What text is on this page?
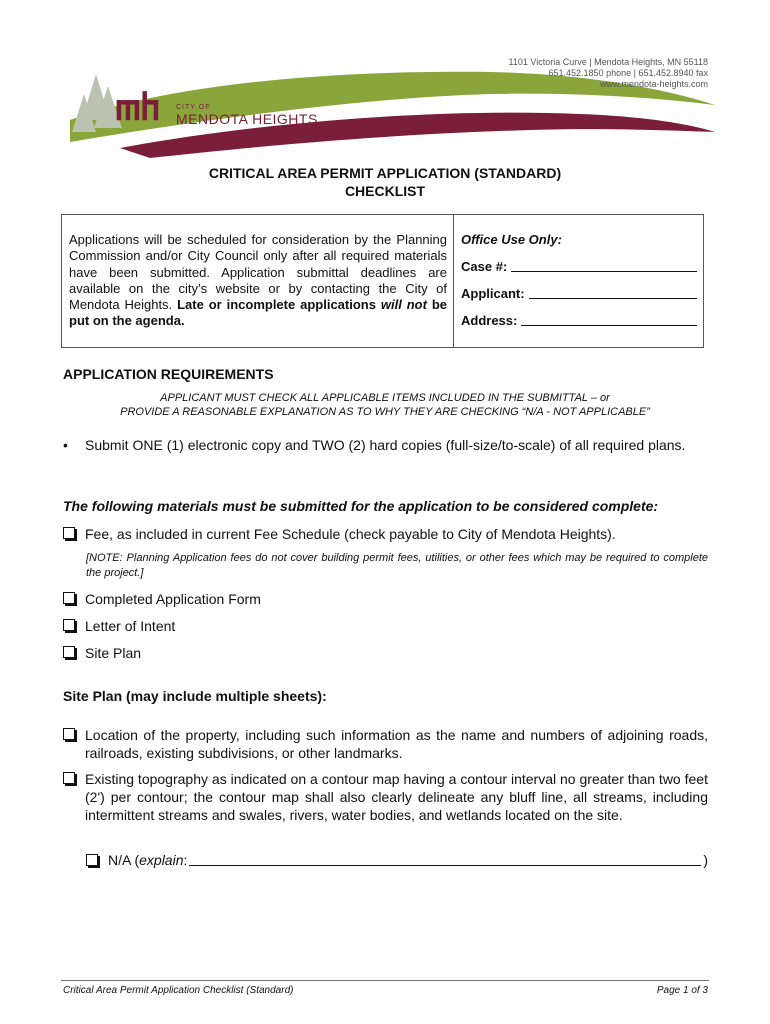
CITY OF
MENDOTA HEIGHTS
1101 Victoria Curve | Mendota Heights, MN 55118
651.452.1850 phone | 651.452.8940 fax
www.mendota-heights.com
CRITICAL AREA PERMIT APPLICATION (STANDARD)
CHECKLIST
Applications will be scheduled for consideration by the Planning Commission and/or City Council only after all required materials have been submitted. Application submittal deadlines are available on the city’s website or by contacting the City of Mendota Heights. Late or incomplete applications will not be put on the agenda.
Office Use Only:
Case #:
Applicant:
Address:
APPLICATION REQUIREMENTS
APPLICANT MUST CHECK ALL APPLICABLE ITEMS INCLUDED IN THE SUBMITTAL – or
PROVIDE A REASONABLE EXPLANATION AS TO WHY THEY ARE CHECKING “N/A - NOT APPLICABLE”
•	Submit ONE (1) electronic copy and TWO (2) hard copies (full-size/to-scale) of all required plans.
The following materials must be submitted for the application to be considered complete:
Fee, as included in current Fee Schedule (check payable to City of Mendota Heights).
[NOTE: Planning Application fees do not cover building permit fees, utilities, or other fees which may be required to complete the project.]
Completed Application Form
Letter of Intent
Site Plan
Site Plan (may include multiple sheets):
Location of the property, including such information as the name and numbers of adjoining roads, railroads, existing subdivisions, or other landmarks.
Existing topography as indicated on a contour map having a contour interval no greater than two feet (2') per contour; the contour map shall also clearly delineate any bluff line, all streams, including intermittent streams and swales, rivers, water bodies, and wetlands located on the site.
N/A ( explain :	)
Critical Area Permit Application Checklist (Standard)	Page 1 of 3
